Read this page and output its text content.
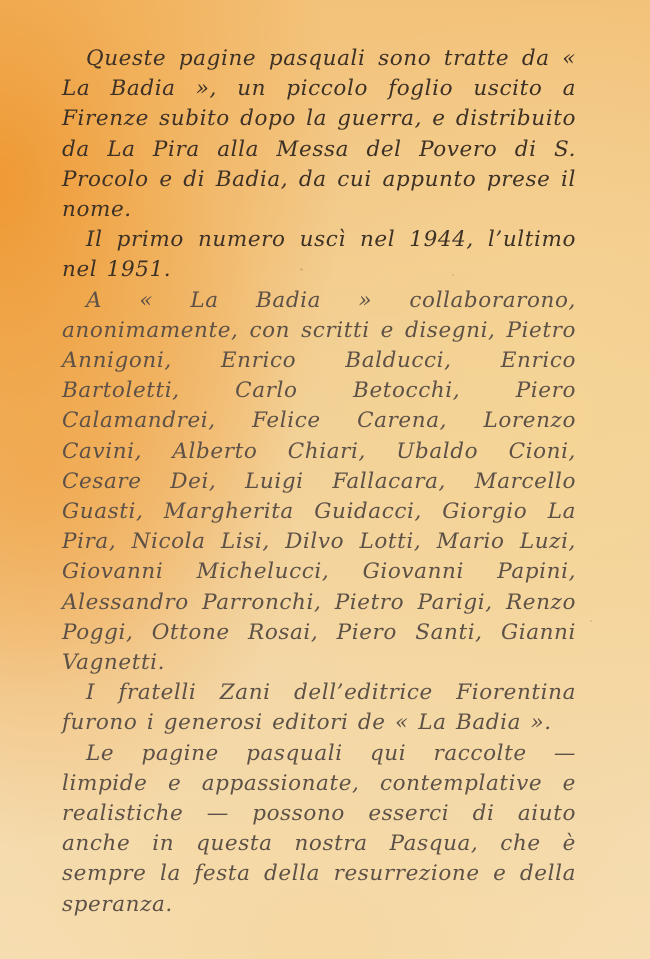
Queste pagine pasquali sono tratte da « La Badia », un piccolo foglio uscito a Firenze subito dopo la guerra, e distribuito da La Pira alla Messa del Povero di S. Procolo e di Badia, da cui appunto prese il nome.

Il primo numero uscì nel 1944, l’ultimo nel 1951.

A « La Badia » collaborarono, anonimamente, con scritti e disegni, Pietro Annigoni, Enrico Balducci, Enrico Bartoletti, Carlo Betocchi, Piero Calamandrei, Felice Carena, Lorenzo Cavini, Alberto Chiari, Ubaldo Cioni, Cesare Dei, Luigi Fallacara, Marcello Guasti, Margherita Guidacci, Giorgio La Pira, Nicola Lisi, Dilvo Lotti, Mario Luzi, Giovanni Michelucci, Giovanni Papini, Alessandro Parronchi, Pietro Parigi, Renzo Poggi, Ottone Rosai, Piero Santi, Gianni Vagnetti.

I fratelli Zani dell’editrice Fiorentina furono i generosi editori de « La Badia ».

Le pagine pasquali qui raccolte — limpide e appassionate, contemplative e realistiche — possono esserci di aiuto anche in questa nostra Pasqua, che è sempre la festa della resurrezione e della speranza.
